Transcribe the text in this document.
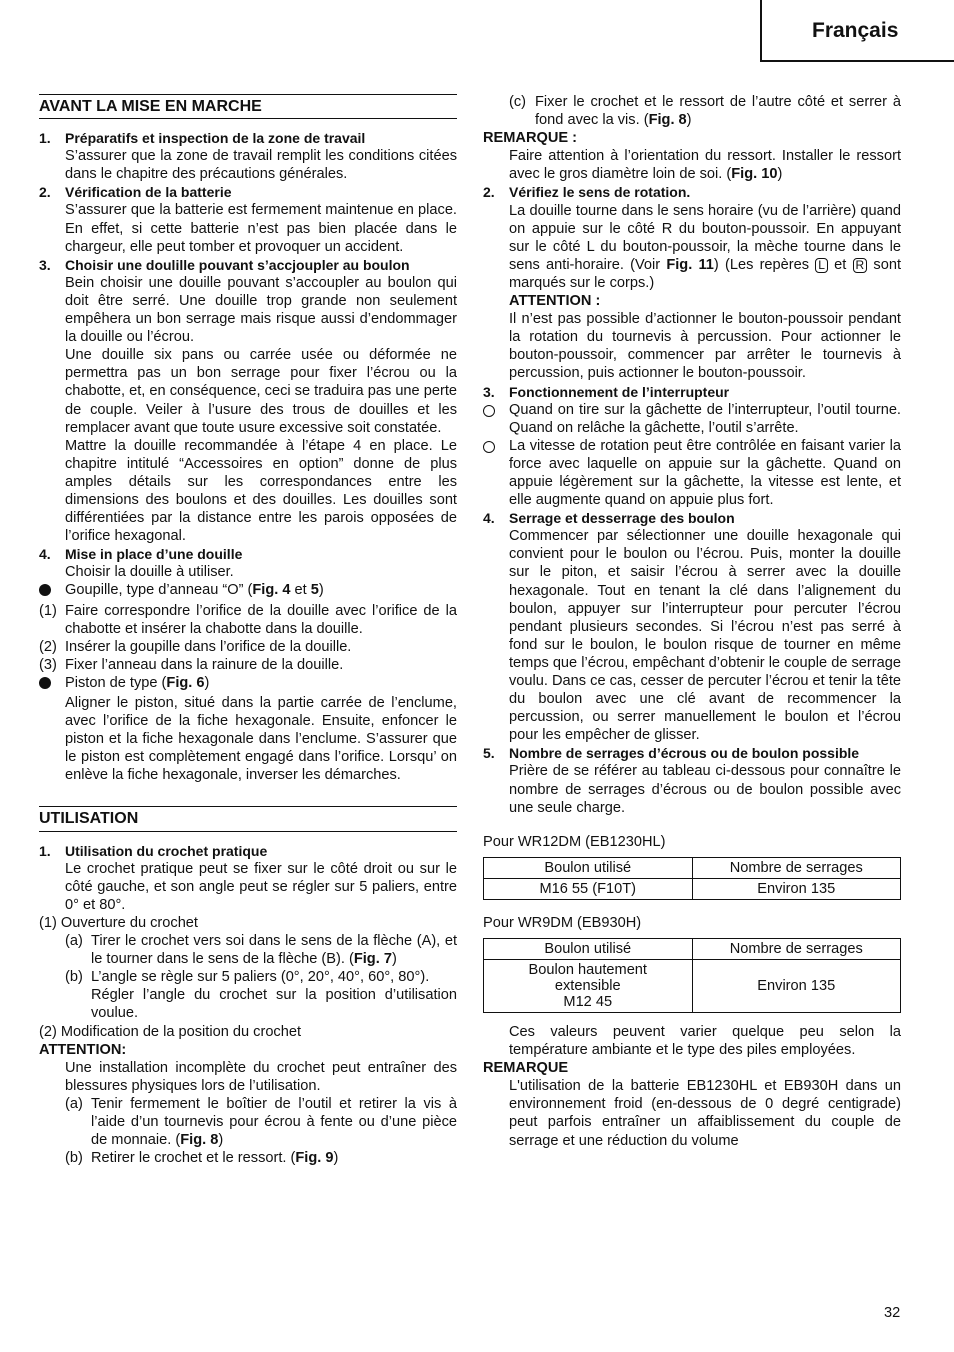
Français
AVANT LA MISE EN MARCHE
1.	Préparatifs et inspection de la zone de travail

S’assurer que la zone de travail remplit les conditions citées dans le chapitre des précautions générales.

2.	Vérification de la batterie

S’assurer que la batterie est fermement maintenue en place. En effet, si cette batterie n’est pas bien placée dans le chargeur, elle peut tomber et provoquer un accident.

3.	Choisir une doulille pouvant s’accjoupler au boulon

Bein choisir une douille pouvant s’accoupler au boulon qui doit être serré. Une douille trop grande non seulement empêhera un bon serrage mais risque aussi d’endommager la douille ou l’écrou.

Une douille six pans ou carrée usée ou déformée ne permettra pas un bon serrage pour fixer l’écrou ou la chabotte, et, en conséquence, ceci se traduira pas une perte de couple. Veiler à l’usure des trous de douilles et les remplacer avant que toute usure excessive soit constatée.

Mattre la douille recommandée à l’étape 4 en place. Le chapitre intitulé “Accessoires en option” donne de plus amples détails sur les correspondances entre les dimensions des boulons et des douilles. Les douilles sont différentiées par la distance entre les parois opposées de l’orifice hexagonal.

4.	Mise in place d’une douille

Choisir la douille à utiliser.

Goupille, type d’anneau “O” (Fig. 4 et 5)
(1) Faire correspondre l’orifice de la douille avec l’orifice de la chabotte et insérer la chabotte dans la douille.
(2) Insérer la goupille dans l’orifice de la douille.
(3) Fixer l’anneau dans la rainure de la douille.
Piston de type (Fig. 6)

Aligner le piston, situé dans la partie carrée de l’enclume, avec l’orifice de la fiche hexagonale. Ensuite, enfoncer le piston et la fiche hexagonale dans l’enclume. S’assurer que le piston est complètement engagé dans l’orifice. Lorsqu’ on enlève la fiche hexagonale, inverser les démarches.

UTILISATION
1.	Utilisation du crochet pratique

Le crochet pratique peut se fixer sur le côté droit ou sur le côté gauche, et son angle peut se régler sur 5 paliers, entre 0° et 80°.

(1) Ouverture du crochet

(a) Tirer le crochet vers soi dans le sens de la flèche (A), et le tourner dans le sens de la flèche (B). (Fig. 7)
(b) L’angle se règle sur 5 paliers (0°, 20°, 40°, 60°, 80°).

Régler l’angle du crochet sur la position d’utilisation voulue.

(2) Modification de la position du crochet

ATTENTION:

Une installation incomplète du crochet peut entraîner des blessures physiques lors de l’utilisation.

(a) Tenir fermement le boîtier de l’outil et retirer la vis à l’aide d’un tournevis pour écrou à fente ou d’une pièce de monnaie. (Fig. 8)
(b) Retirer le crochet et le ressort. (Fig. 9)
(c) Fixer le crochet et le ressort de l’autre côté et serrer à fond avec la vis. (Fig. 8)

REMARQUE :

Faire attention à l’orientation du ressort. Installer le ressort avec le gros diamètre loin de soi. (Fig. 10)

2.	Vérifiez le sens de rotation.

La douille tourne dans le sens horaire (vu de l’arrière) quand on appuie sur le côté R du bouton-poussoir. En appuyant sur le côté L du bouton-poussoir, la mèche tourne dans le sens anti-horaire. (Voir Fig. 11) (Les repères L et R sont marqués sur le corps.)

ATTENTION :

Il n’est pas possible d’actionner le bouton-poussoir pendant la rotation du tournevis à percussion. Pour actionner le bouton-poussoir, commencer par arrêter le tournevis à percussion, puis actionner le bouton-poussoir.

3.	Fonctionnement de l’interrupteur
Quand on tire sur la gâchette de l’interrupteur, l’outil tourne. Quand on relâche la gâchette, l’outil s’arrête.
La vitesse de rotation peut être contrôlée en faisant varier la force avec laquelle on appuie sur la gâchette. Quand on appuie légèrement sur la gâchette, la vitesse est lente, et elle augmente quand on appuie plus fort.
4.	Serrage et desserrage des boulon

Commencer par sélectionner une douille hexagonale qui convient pour le boulon ou l’écrou. Puis, monter la douille sur le piton, et saisir l’écrou à serrer avec la douille hexagonale. Tout en tenant la clé dans l’alignement du boulon, appuyer sur l’interrupteur pour percuter l’écrou pendant plusieurs secondes. Si l’écrou n’est pas serré à fond sur le boulon, le boulon risque de tourner en même temps que l’écrou, empêchant d’obtenir le couple de serrage voulu. Dans ce cas, cesser de percuter l’écrou et tenir la tête du boulon avec une clé avant de recommencer la percussion, ou serrer manuellement le boulon et l’écrou pour les empêcher de glisser.

5.	Nombre de serrages d’écrous ou de boulon possible

Prière de se référer au tableau ci-dessous pour connaître le nombre de serrages d’écrous ou de boulon possible avec une seule charge.

Pour WR12DM (EB1230HL)

Boulon utilisé	Nombre de serrages
M16 55 (F10T)	Environ 135

Pour WR9DM (EB930H)

Boulon utilisé	Nombre de serrages

Boulon hautement
extensible
M12 45	Environ 135

Ces valeurs peuvent varier quelque peu selon la température ambiante et le type des piles employées.

REMARQUE

L'utilisation de la batterie EB1230HL et EB930H dans un environnement froid (en-dessous de 0 degré centigrade) peut parfois entraîner un affaiblissement du couple de serrage et une réduction du volume

32
